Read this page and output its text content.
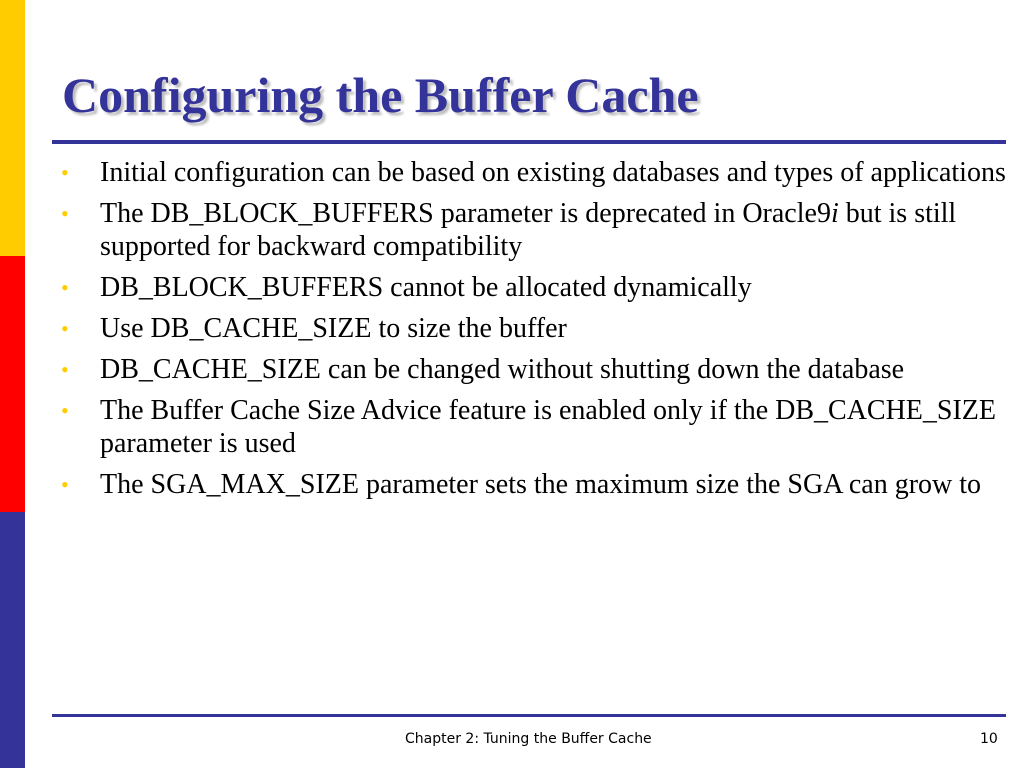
Configuring the Buffer Cache
• Initial configuration can be based on existing databases and types of applications
• The DB_BLOCK_BUFFERS parameter is deprecated in Oracle9i but is still supported for backward compatibility
• DB_BLOCK_BUFFERS cannot be allocated dynamically
• Use DB_CACHE_SIZE to size the buffer
• DB_CACHE_SIZE can be changed without shutting down the database
• The Buffer Cache Size Advice feature is enabled only if the DB_CACHE_SIZE parameter is used
• The SGA_MAX_SIZE parameter sets the maximum size the SGA can grow to
Chapter 2: Tuning the Buffer Cache	10
